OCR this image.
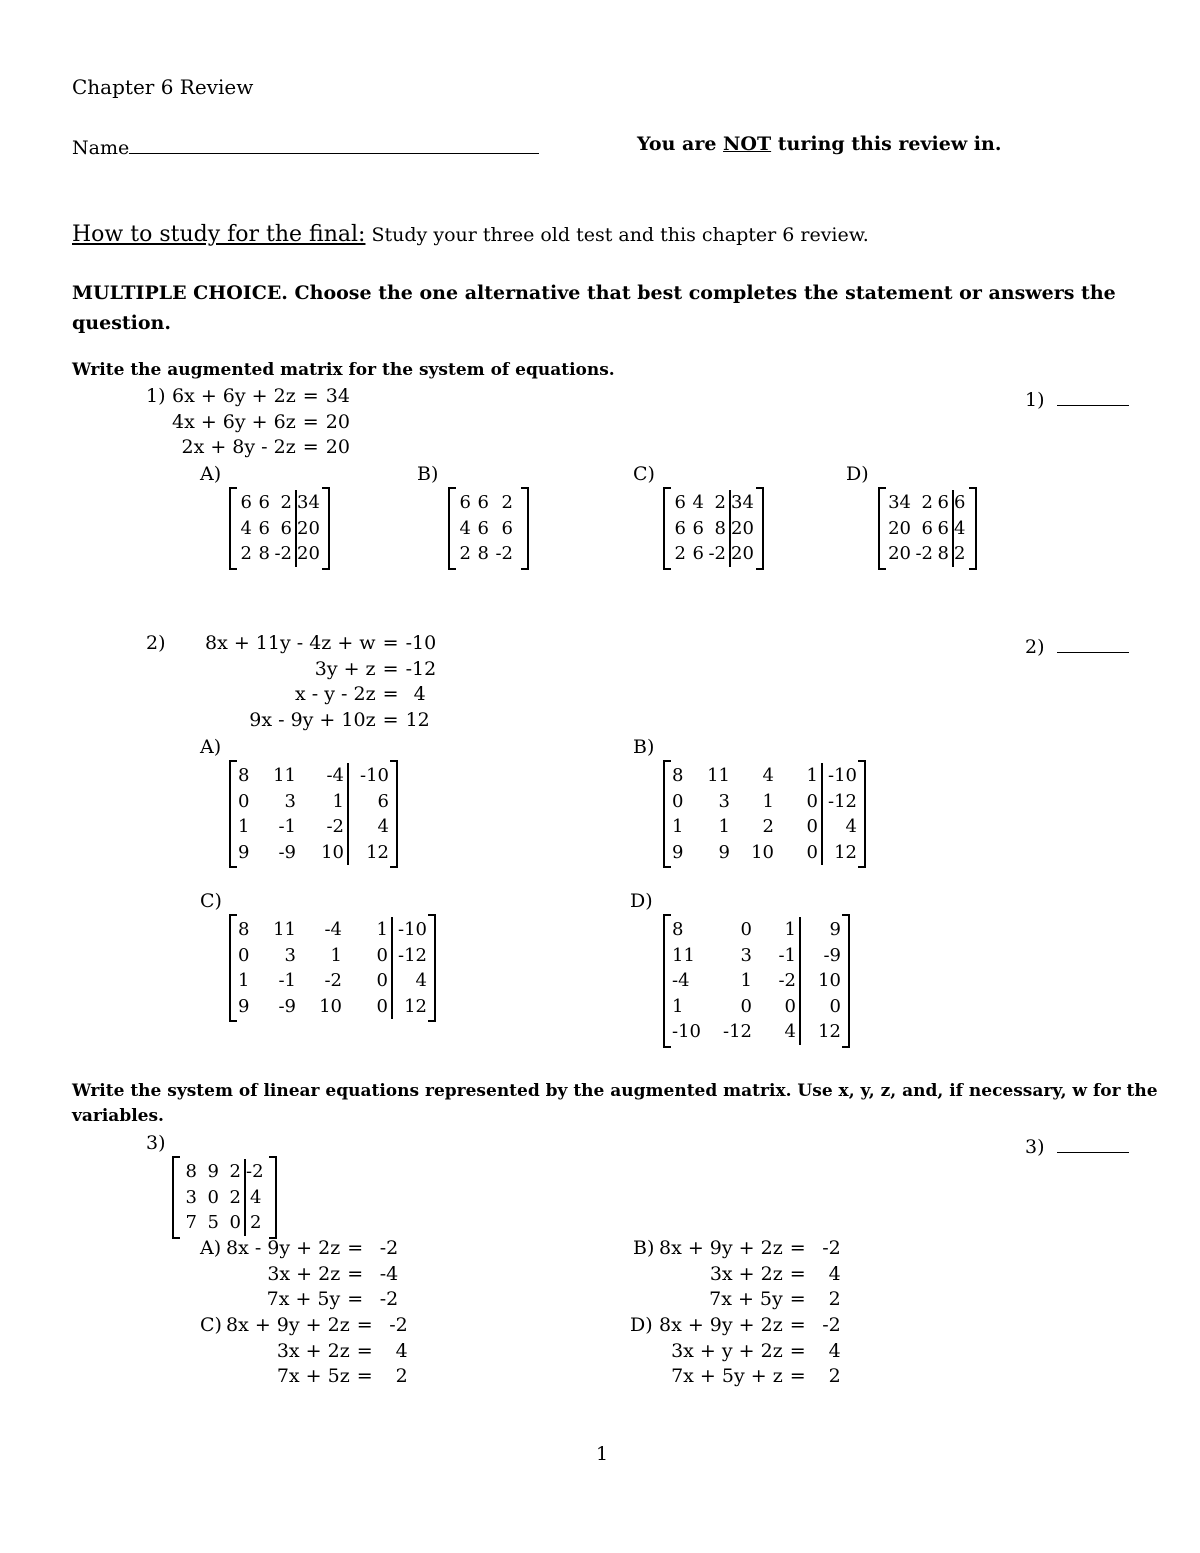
Chapter 6 Review
Name	You are NOT turing this review in.
How to study for the final: Study your three old test and this chapter 6 review.
MULTIPLE CHOICE. Choose the one alternative that best completes the statement or answers the
question.
Write the augmented matrix for the system of equations.
1) 6x + 6y + 2z	=	34
4x + 6y + 6z	=	20
2x + 8y - 2z	=	20
1)
A)
6	6	2	34
4	6	6	20
2	8	-2	20
B)
6	6	2
4	6	6
2	8	-2
C)
6	4	2	34
6	6	8	20
2	6	-2	20
D)
34	2	6	6
20	6	6	4
20	-2	8	2
2) 8x + 11y - 4z + w	=	-10
3y + z	=	-12
x - y - 2z	=	4
9x - 9y + 10z	=	12
2)
A)
8	11	-4	-10
0	3	1	6
1	-1	-2	4
9	-9	10	12
B)
8	11	4	1	-10
0	3	1	0	-12
1	1	2	0	4
9	9	10	0	12
C)
8	11	-4	1	-10
0	3	1	0	-12
1	-1	-2	0	4
9	-9	10	0	12
D)
8	0	1	9
11	3	-1	-9
-4	1	-2	10
1	0	0	0
-10	-12	4	12
Write the system of linear equations represented by the augmented matrix. Use x, y, z, and, if necessary, w for the
variables.
3)	3)
8	9	2	-2
3	0	2	4
7	5	0	2
A) 8x - 9y + 2z	=	-2
3x + 2z	=	-4
7x + 5y	=	-2
B) 8x + 9y + 2z	=	-2
3x + 2z	=	4
7x + 5y	=	2
C) 8x + 9y + 2z	=	-2
3x + 2z	=	4
7x + 5z	=	2
D) 8x + 9y + 2z	=	-2
3x + y + 2z	=	4
7x + 5y + z	=	2
1
